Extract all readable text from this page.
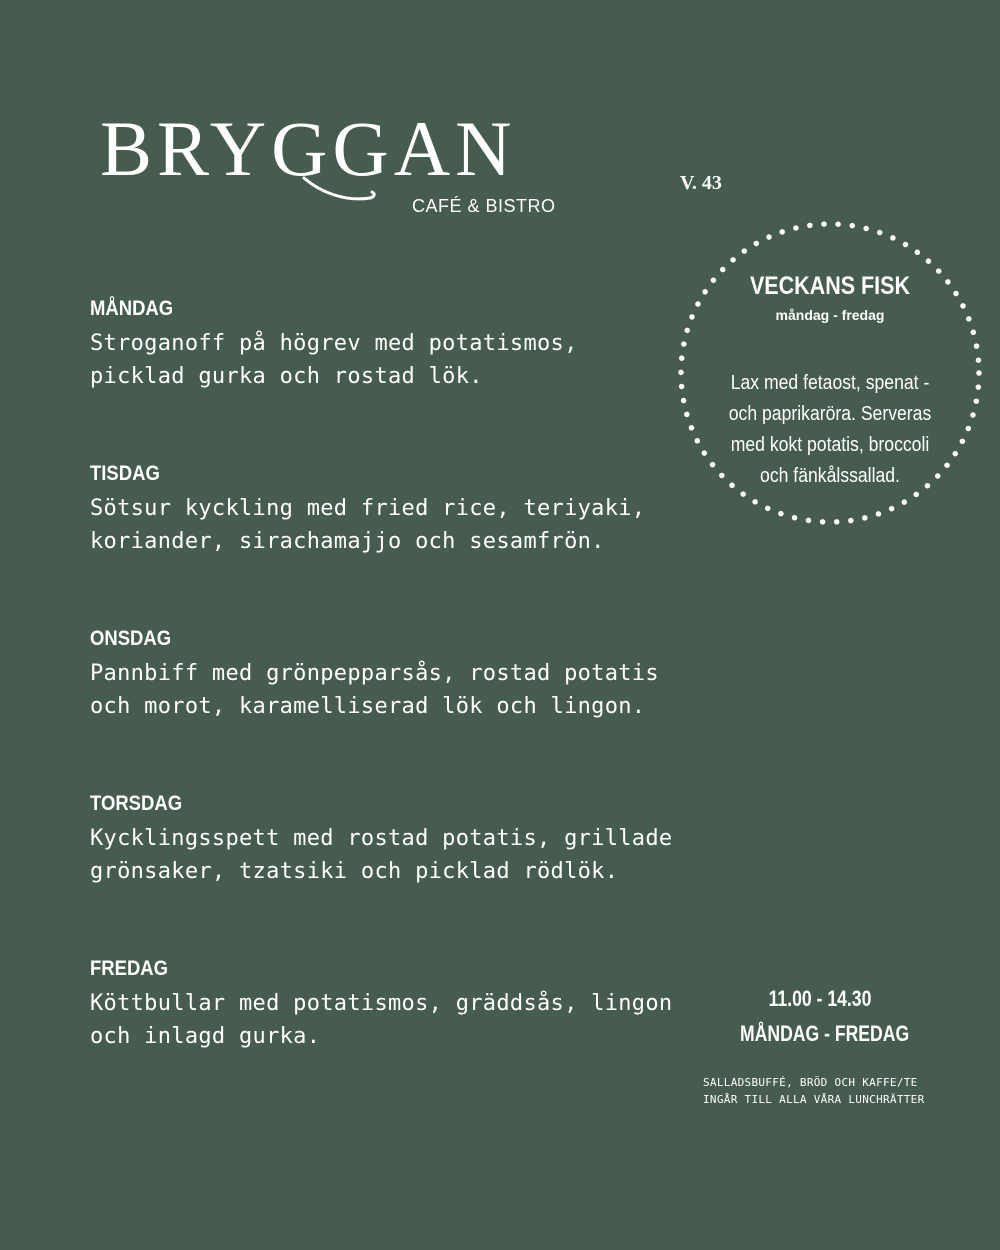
BRYGGAN
CAFÉ & BISTRO
V. 43
MÅNDAG
Stroganoff på högrev med potatismos,
picklad gurka och rostad lök.
TISDAG
Sötsur kyckling med fried rice, teriyaki,
koriander, sirachamajjo och sesamfrön.
ONSDAG
Pannbiff med grönpepparsås, rostad potatis
och morot, karamelliserad lök och lingon.
TORSDAG
Kycklingsspett med rostad potatis, grillade
grönsaker, tzatsiki och picklad rödlök.
FREDAG
Köttbullar med potatismos, gräddsås, lingon
och inlagd gurka.
VECKANS FISK
måndag - fredag
Lax med fetaost, spenat - och paprikaröra. Serveras med kokt potatis, broccoli och fänkålssallad.
11.00 - 14.30
MÅNDAG - FREDAG
SALLADSBUFFÉ, BRÖD OCH KAFFE/TE
INGÅR TILL ALLA VÅRA LUNCHRÄTTER
